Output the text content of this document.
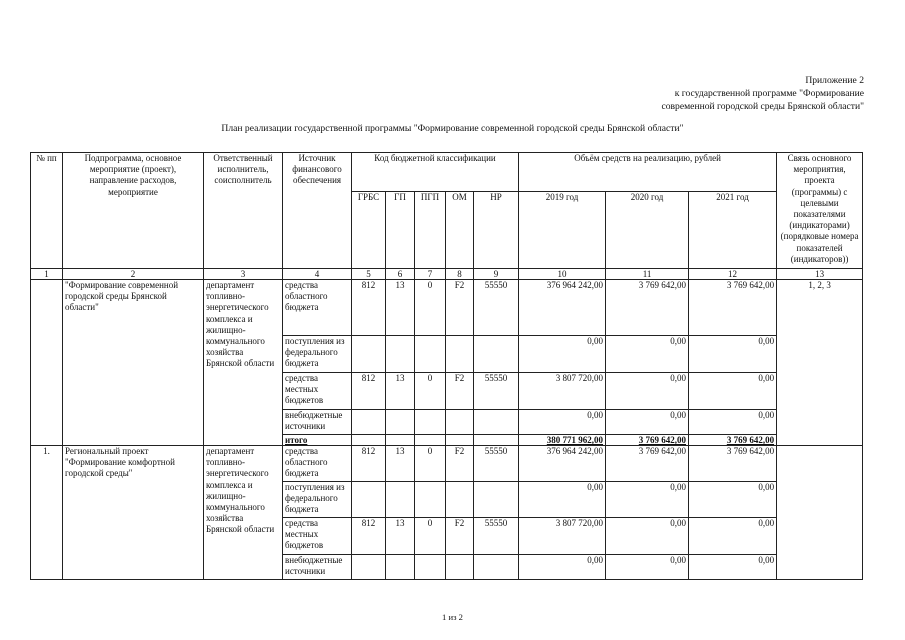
Приложение 2
к государственной программе "Формирование
современной городской среды Брянской области"
План реализации государственной программы "Формирование современной городской среды Брянской области"
№ пп	Подпрограмма, основное мероприятие (проект), направление расходов, мероприятие	Ответственный исполнитель, соисполнитель	Источник финансового обеспечения	Код бюджетной классификации					Объём средств на реализацию, рублей			Связь основного мероприятия, проекта (программы) с целевыми показателями (индикаторами) (порядковые номера показателей (индикаторов))
				ГРБС	ГП	ПГП	ОМ	НР	2019 год	2020 год	2021 год	
1	2	3	4	5	6	7	8	9	10	11	12	13
	"Формирование современной городской среды Брянской области"	департамент топливно-энергетического комплекса и жилищно-коммунального хозяйства Брянской области	средства областного бюджета	812	13	0	F2	55550	376 964 242,00	3 769 642,00	3 769 642,00	1, 2, 3
			поступления из федерального бюджета						0,00	0,00	0,00	
			средства местных бюджетов	812	13	0	F2	55550	3 807 720,00	0,00	0,00	
			внебюджетные источники						0,00	0,00	0,00	
			итого						380 771 962,00	3 769 642,00	3 769 642,00	
1.	Региональный проект "Формирование комфортной городской среды"	департамент топливно-энергетического комплекса и жилищно-коммунального хозяйства Брянской области	средства областного бюджета	812	13	0	F2	55550	376 964 242,00	3 769 642,00	3 769 642,00	
			поступления из федерального бюджета						0,00	0,00	0,00	
			средства местных бюджетов	812	13	0	F2	55550	3 807 720,00	0,00	0,00	
			внебюджетные источники						0,00	0,00	0,00	
1 из 2
